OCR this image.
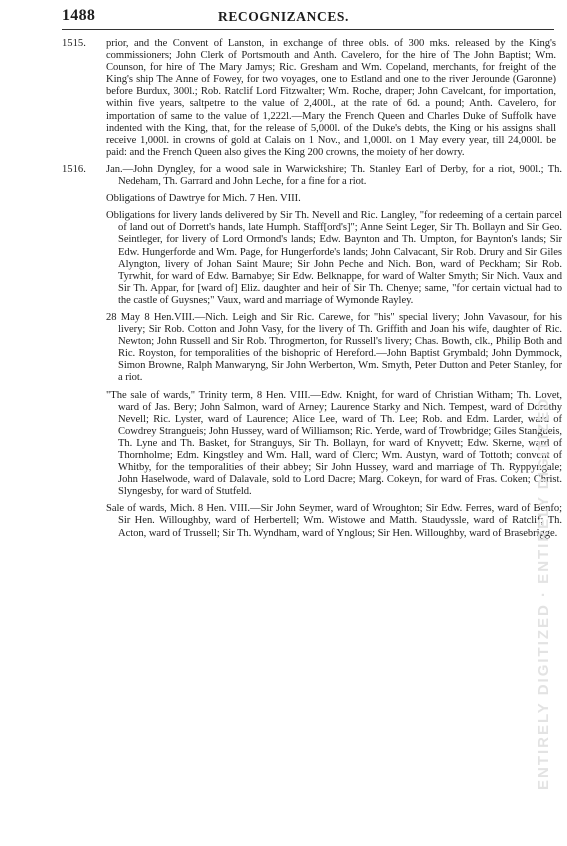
1488	RECOGNIZANCES.
1515.	prior, and the Convent of Lanston, in exchange of three obls. of 300 mks. released by the King's commissioners; John Clerk of Portsmouth and Anth. Cavelero, for the hire of The John Baptist; Wm. Counson, for hire of The Mary Jamys; Ric. Gresham and Wm. Copeland, merchants, for freight of the King's ship The Anne of Fowey, for two voyages, one to Estland and one to the river Jeroundе (Garonne) before Burdux, 300l.; Rob. Ratclif Lord Fitzwalter; Wm. Roche, draper; John Cavelcant, for importation, within five years, saltpetre to the value of 2,400l., at the rate of 6d. a pound; Anth. Cavelero, for importation of same to the value of 1,222l.—Mary the French Queen and Charles Duke of Suffolk have indented with the King, that, for the release of 5,000l. of the Duke's debts, the King or his assigns shall receive 1,000l. in crowns of gold at Calais on 1 Nov., and 1,000l. on 1 May every year, till 24,000l. be paid: and the French Queen also gives the King 200 crowns, the moiety of her dowry.
1516. Jan.—John Dyngley, for a wood sale in Warwickshire; Th. Stanley Earl of Derby, for a riot, 900l.; Th. Nedeham, Th. Garrard and John Leche, for a fine for a riot.
Obligations of Dawtrye for Mich. 7 Hen. VIII.
Obligations for livery lands delivered by Sir Th. Nevell and Ric. Langley, "for redeeming of a certain parcel of land out of Dorrett's hands, late Humph. Staff[ord's]"; Anne Seint Leger, Sir Th. Bollayn and Sir Geo. Seintleger, for livery of Lord Ormond's lands; Edw. Baynton and Th. Umpton, for Baynton's lands; Sir Edw. Hungerforde and Wm. Page, for Hungerforde's lands; John Calvacant, Sir Rob. Drury and Sir Giles Alyngton, livery of Johan Saint Maure; Sir John Peche and Nich. Bon, ward of Peckham; Sir Rob. Tyrwhit, for ward of Edw. Barnabye; Sir Edw. Belknappe, for ward of Walter Smyth; Sir Nich. Vaux and Sir Th. Appar, for [ward of] Eliz. daughter and heir of Sir Th. Chenye; same, "for certain victual had to the castle of Guysnes;" Vaux, ward and marriage of Wymonde Rayley.
28 May 8 Hen.VIII.—Nich. Leigh and Sir Ric. Carewe, for "his" special livery; John Vavasour, for his livery; Sir Rob. Cotton and John Vasy, for the livery of Th. Griffith and Joan his wife, daughter of Ric. Newton; John Russell and Sir Rob. Throgmerton, for Russell's livery; Chas. Bowth, clk., Philip Both and Ric. Royston, for temporalities of the bishopric of Hereford.—John Baptist Grymbald; John Dymmock, Simon Browne, Ralph Manwaryng, Sir John Werberton, Wm. Smyth, Peter Dutton and Peter Stanley, for a riot.
"The sale of wards," Trinity term, 8 Hen. VIII.—Edw. Knight, for ward of Christian Witham; Th. Lovet, ward of Jas. Bery; John Salmon, ward of Arney; Laurence Starky and Nich. Tempest, ward of Dorothy Nevell; Ric. Lyster, ward of Laurence; Alice Lee, ward of Th. Lee; Rob. and Edm. Larder, ward of Cowdrey Strangueis; John Hussey, ward of Williamson; Ric. Yerde, ward of Trowbridge; Giles Stangueis, Th. Lyne and Th. Basket, for Stranguys, Sir Th. Bollayn, for ward of Knyvett; Edw. Skerne, ward of Thornholme; Edm. Kingstley and Wm. Hall, ward of Clerc; Wm. Austyn, ward of Tottoth; convent of Whitby, for the temporalities of their abbey; Sir John Hussey, ward and marriage of Th. Ryppyngale; John Haselwode, ward of Dalavale, sold to Lord Dacre; Marg. Cokeyn, for ward of Fras. Coken; Christ. Slyngesby, for ward of Stutfeld.
Sale of wards, Mich. 8 Hen. VIII.—Sir John Seymer, ward of Wroughton; Sir Edw. Ferres, ward of Benfo; Sir Hen. Willoughby, ward of Herbertell; Wm. Wistowe and Matth. Staudyssle, ward of Ratclif; Th. Acton, ward of Trussell; Sir Th. Wyndham, ward of Ynglous; Sir Hen. Willoughby, ward of Brasebrigge.
ENTIRELY DIGITIZED · ENTIRELY DIGITIZED
